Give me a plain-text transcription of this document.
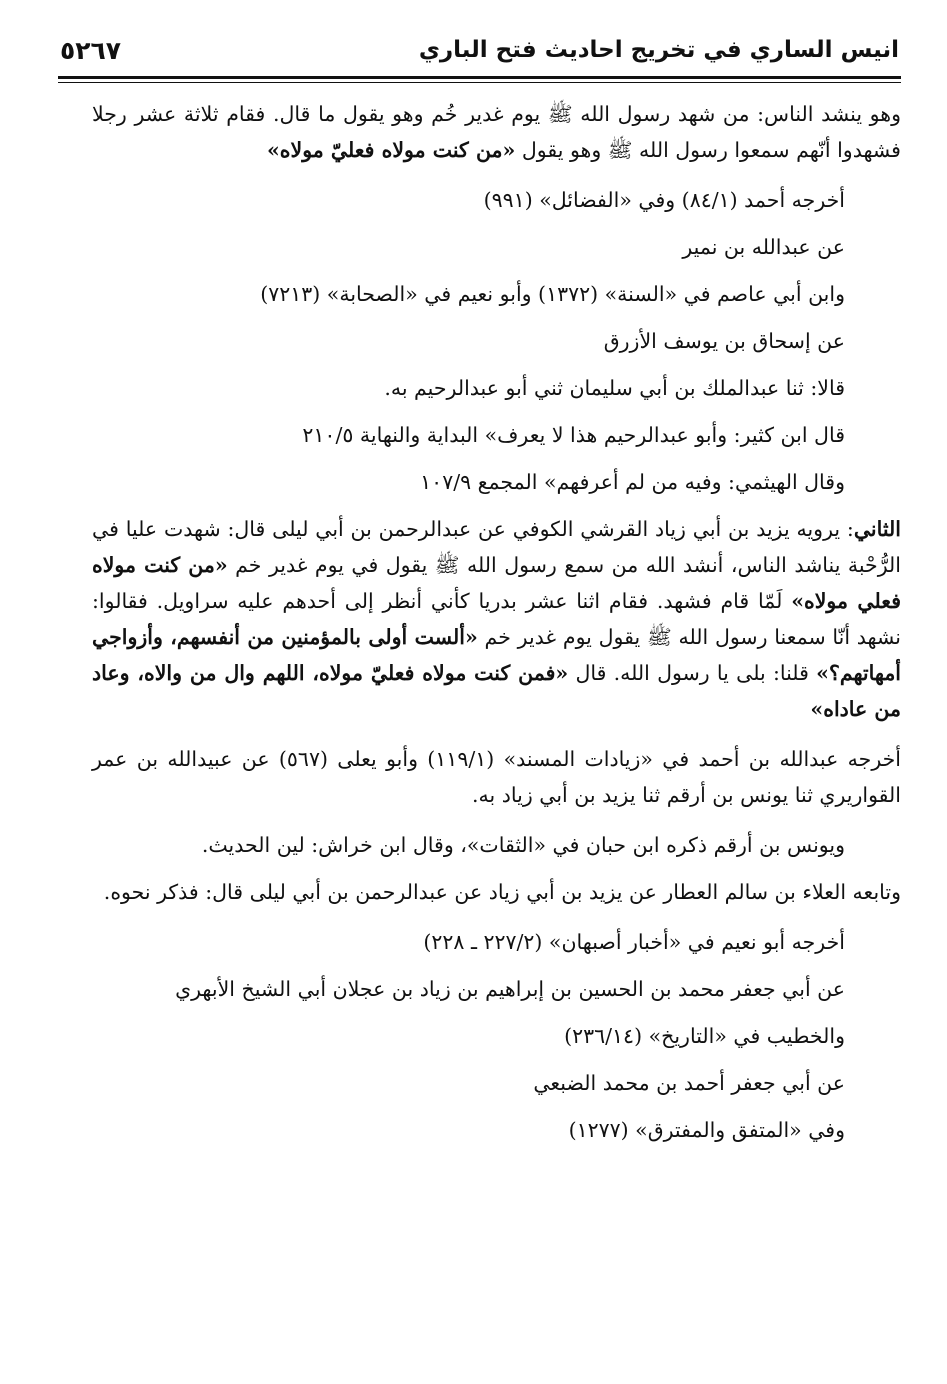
٥٢٦٧	انيس الساري في تخريج احاديث فتح الباري

وهو ينشد الناس: من شهد رسول الله ﷺ يوم غدير خُم وهو يقول ما قال. فقام ثلاثة عشر رجلا فشهدوا أنّهم سمعوا رسول الله ﷺ وهو يقول «من كنت مولاه فعليّ مولاه»

أخرجه أحمد (٨٤/١) وفي «الفضائل» (٩٩١)

عن عبدالله بن نمير

وابن أبي عاصم في «السنة» (١٣٧٢) وأبو نعيم في «الصحابة» (٧٢١٣)

عن إسحاق بن يوسف الأزرق

قالا: ثنا عبدالملك بن أبي سليمان ثني أبو عبدالرحيم به.

قال ابن كثير: وأبو عبدالرحيم هذا لا يعرف» البداية والنهاية ٢١٠/٥

وقال الهيثمي: وفيه من لم أعرفهم» المجمع ١٠٧/٩

الثاني: يرويه يزيد بن أبي زياد القرشي الكوفي عن عبدالرحمن بن أبي ليلى قال: شهدت عليا في الرُّحْبة يناشد الناس، أنشد الله من سمع رسول الله ﷺ يقول في يوم غدير خم «من كنت مولاه فعلي مولاه» لَمّا قام فشهد. فقام اثنا عشر بدريا كأني أنظر إلى أحدهم عليه سراويل. فقالوا: نشهد أنّا سمعنا رسول الله ﷺ يقول يوم غدير خم «ألست أولى بالمؤمنين من أنفسهم، وأزواجي أمهاتهم؟» قلنا: بلى يا رسول الله. قال «فمن كنت مولاه فعليّ مولاه، اللهم وال من والاه، وعاد من عاداه»

أخرجه عبدالله بن أحمد في «زيادات المسند» (١١٩/١) وأبو يعلى (٥٦٧) عن عبيدالله بن عمر القواريري ثنا يونس بن أرقم ثنا يزيد بن أبي زياد به.

ويونس بن أرقم ذكره ابن حبان في «الثقات»، وقال ابن خراش: لين الحديث.

وتابعه العلاء بن سالم العطار عن يزيد بن أبي زياد عن عبدالرحمن بن أبي ليلى قال: فذكر نحوه.

أخرجه أبو نعيم في «أخبار أصبهان» (٢٢٧/٢ ـ ٢٢٨)

عن أبي جعفر محمد بن الحسين بن إبراهيم بن زياد بن عجلان أبي الشيخ الأبهري

والخطيب في «التاريخ» (٢٣٦/١٤)

عن أبي جعفر أحمد بن محمد الضبعي

وفي «المتفق والمفترق» (١٢٧٧)
